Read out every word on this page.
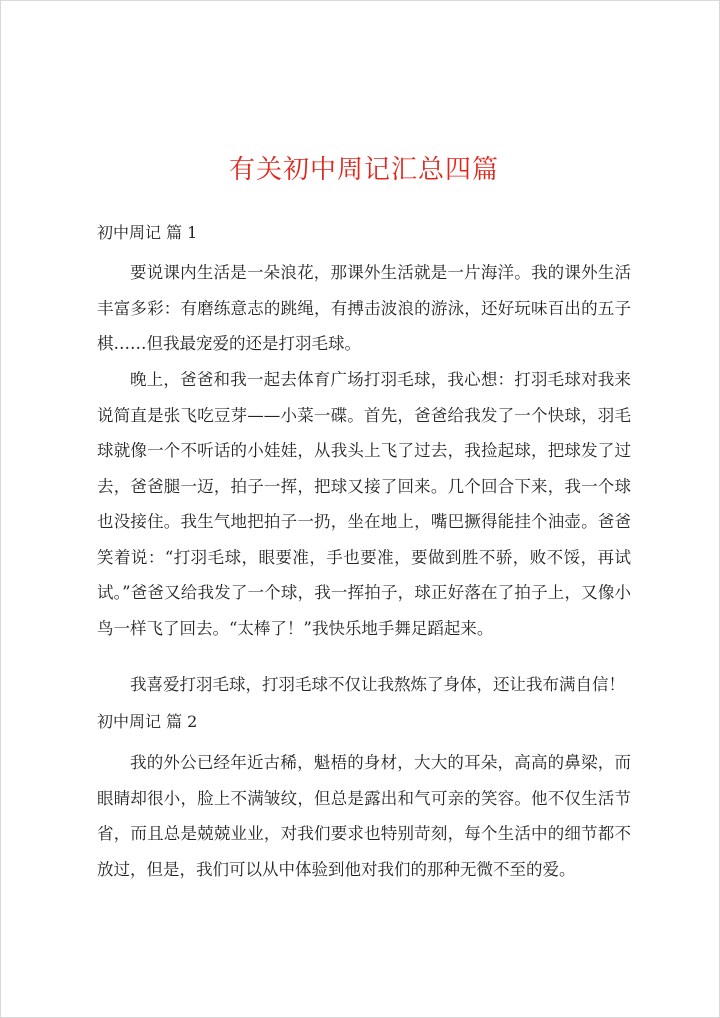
有关初中周记汇总四篇
初中周记 篇 1

要说课内生活是一朵浪花，那课外生活就是一片海洋。我的课外生活丰富多彩：有磨练意志的跳绳，有搏击波浪的游泳，还好玩味百出的五子棋……但我最宠爱的还是打羽毛球。

晚上，爸爸和我一起去体育广场打羽毛球，我心想：打羽毛球对我来说简直是张飞吃豆芽——小菜一碟。首先，爸爸给我发了一个快球，羽毛球就像一个不听话的小娃娃，从我头上飞了过去，我捡起球，把球发了过去，爸爸腿一迈，拍子一挥，把球又接了回来。几个回合下来，我一个球也没接住。我生气地把拍子一扔，坐在地上，嘴巴撅得能挂个油壶。爸爸笑着说：“打羽毛球，眼要准，手也要准，要做到胜不骄，败不馁，再试试。”爸爸又给我发了一个球，我一挥拍子，球正好落在了拍子上，又像小鸟一样飞了回去。“太棒了！”我快乐地手舞足蹈起来。

我喜爱打羽毛球，打羽毛球不仅让我熬炼了身体，还让我布满自信！

初中周记 篇 2

我的外公已经年近古稀，魁梧的身材，大大的耳朵，高高的鼻梁，而眼睛却很小，脸上不满皱纹，但总是露出和气可亲的笑容。他不仅生活节省，而且总是兢兢业业，对我们要求也特别苛刻，每个生活中的细节都不放过，但是，我们可以从中体验到他对我们的那种无微不至的爱。
